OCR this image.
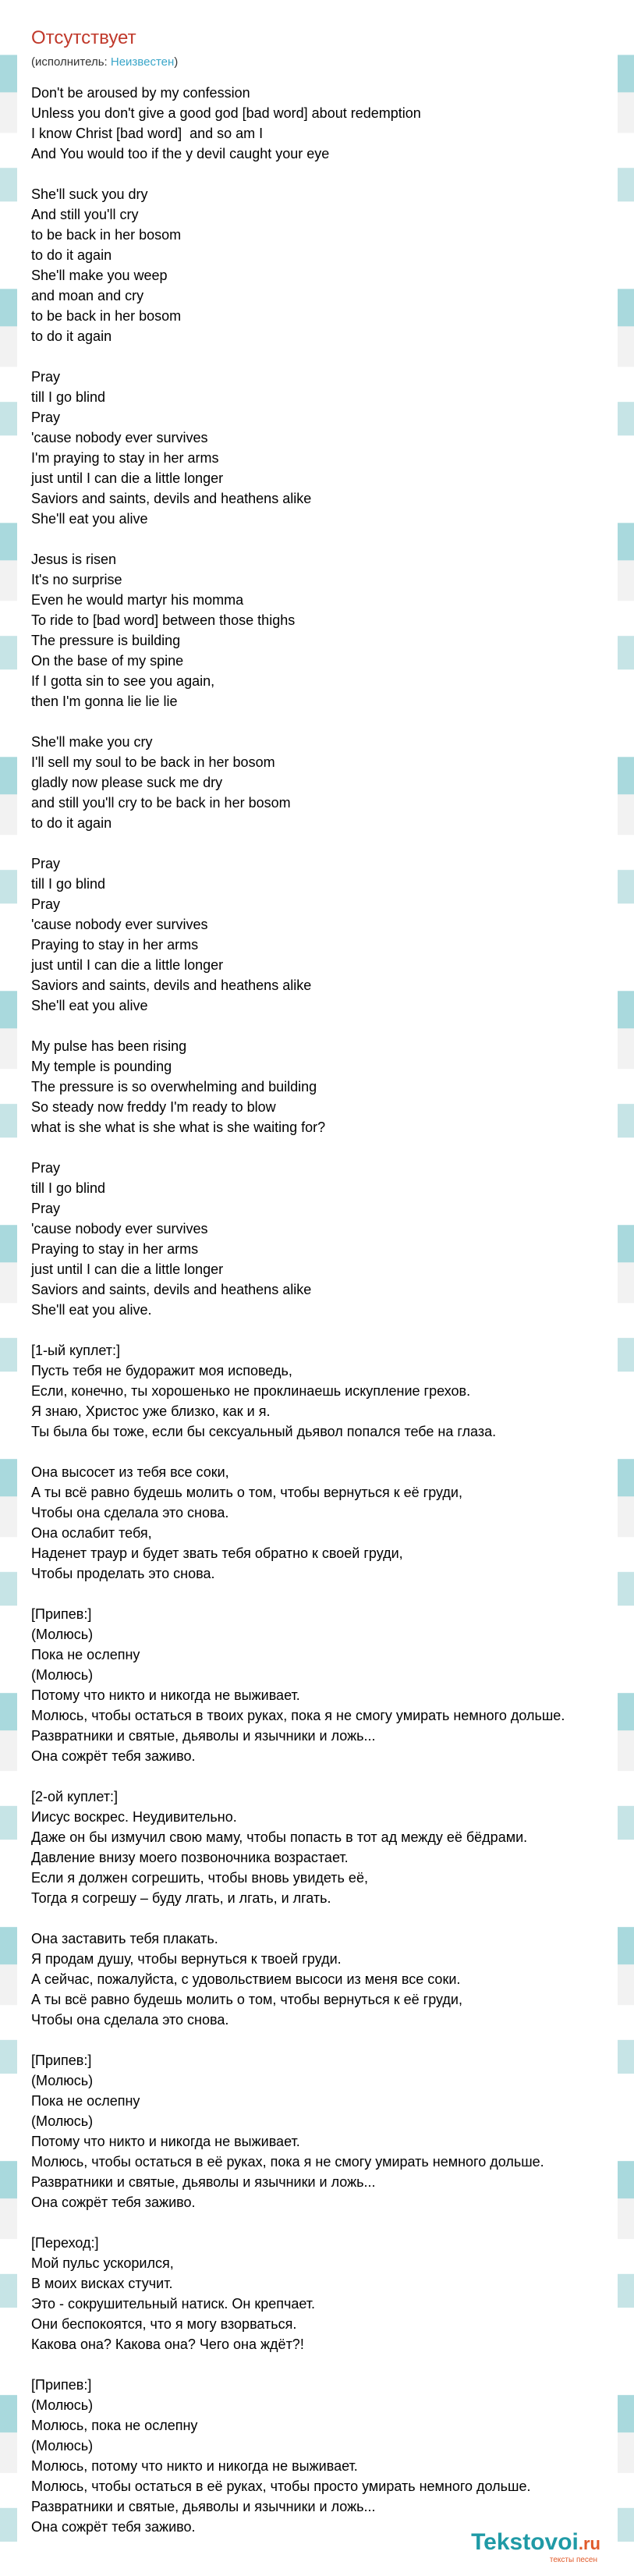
Отсутствует
(исполнитель: Неизвестен)
Don't be aroused by my confession
Unless you don't give a good god [bad word] about redemption
I know Christ [bad word]  and so am I
And You would too if the y devil caught your eye

She'll suck you dry
And still you'll cry
to be back in her bosom
to do it again
She'll make you weep
and moan and cry
to be back in her bosom
to do it again

Pray
till I go blind
Pray
'cause nobody ever survives
I'm praying to stay in her arms
just until I can die a little longer
Saviors and saints, devils and heathens alike
She'll eat you alive

Jesus is risen
It's no surprise
Even he would martyr his momma
To ride to [bad word] between those thighs
The pressure is building
On the base of my spine
If I gotta sin to see you again,
then I'm gonna lie lie lie

She'll make you cry
I'll sell my soul to be back in her bosom
gladly now please suck me dry
and still you'll cry to be back in her bosom
to do it again

Pray
till I go blind
Pray
'cause nobody ever survives
Praying to stay in her arms
just until I can die a little longer
Saviors and saints, devils and heathens alike
She'll eat you alive

My pulse has been rising
My temple is pounding
The pressure is so overwhelming and building
So steady now freddy I'm ready to blow
what is she what is she what is she waiting for?

Pray
till I go blind
Pray
'cause nobody ever survives
Praying to stay in her arms
just until I can die a little longer
Saviors and saints, devils and heathens alike
She'll eat you alive.

[1-ый куплет:]
Пусть тебя не будоражит моя исповедь,
Если, конечно, ты хорошенько не проклинаешь искупление грехов.
Я знаю, Христос уже близко, как и я.
Ты была бы тоже, если бы сексуальный дьявол попался тебе на глаза.

Она высосет из тебя все соки,
А ты всё равно будешь молить о том, чтобы вернуться к её груди,
Чтобы она сделала это снова.
Она ослабит тебя,
Наденет траур и будет звать тебя обратно к своей груди,
Чтобы проделать это снова.

[Припев:]
(Молюсь)
Пока не ослепну
(Молюсь)
Потому что никто и никогда не выживает.
Молюсь, чтобы остаться в твоих руках, пока я не смогу умирать немного дольше.
Развратники и святые, дьяволы и язычники и ложь...
Она сожрёт тебя заживо.

[2-ой куплет:]
Иисус воскрес. Неудивительно.
Даже он бы измучил свою маму, чтобы попасть в тот ад между её бёдрами.
Давление внизу моего позвоночника возрастает.
Если я должен согрешить, чтобы вновь увидеть её,
Тогда я согрешу – буду лгать, и лгать, и лгать.

Она заставить тебя плакать.
Я продам душу, чтобы вернуться к твоей груди.
А сейчас, пожалуйста, с удовольствием высоси из меня все соки.
А ты всё равно будешь молить о том, чтобы вернуться к её груди,
Чтобы она сделала это снова.

[Припев:]
(Молюсь)
Пока не ослепну
(Молюсь)
Потому что никто и никогда не выживает.
Молюсь, чтобы остаться в её руках, пока я не смогу умирать немного дольше.
Развратники и святые, дьяволы и язычники и ложь...
Она сожрёт тебя заживо.

[Переход:]
Мой пульс ускорился,
В моих висках стучит.
Это - сокрушительный натиск. Он крепчает.
Они беспокоятся, что я могу взорваться.
Какова она? Какова она? Чего она ждёт?!

[Припев:]
(Молюсь)
Молюсь, пока не ослепну
(Молюсь)
Молюсь, потому что никто и никогда не выживает.
Молюсь, чтобы остаться в её руках, чтобы просто умирать немного дольше.
Развратники и святые, дьяволы и язычники и ложь...
Она сожрёт тебя заживо.
Tekstovoi.ru
тексты песен
